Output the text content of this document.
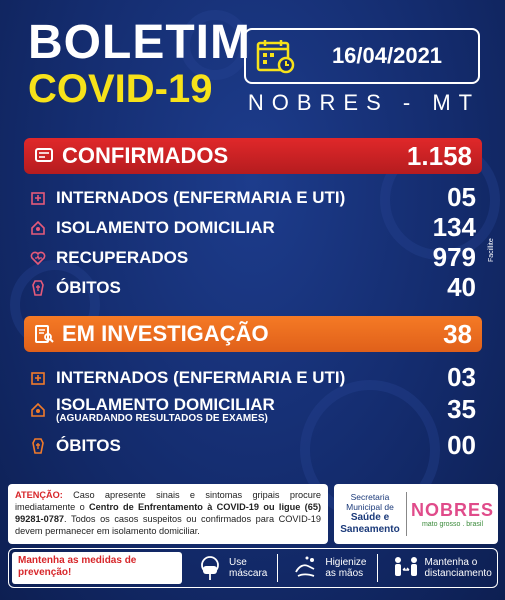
BOLETIM
COVID-19
16/04/2021
NOBRES - MT
CONFIRMADOS	1.158
INTERNADOS (ENFERMARIA E UTI)	05
ISOLAMENTO DOMICILIAR	134
RECUPERADOS	979
ÓBITOS	40
EM INVESTIGAÇÃO	38
INTERNADOS (ENFERMARIA E UTI)	03
ISOLAMENTO DOMICILIAR
(AGUARDANDO RESULTADOS DE EXAMES)	35
ÓBITOS	00
Facillite
ATENÇÃO: Caso apresente sinais e sintomas gripais procure imediatamente o Centro de Enfrentamento à COVID-19 ou ligue (65) 99281-0787. Todos os casos suspeitos ou confirmados para COVID-19 devem permanecer em isolamento domiciliar.
Secretaria
Municipal de
Saúde e
Saneamento
NOBRES
mato grosso . brasil
Mantenha as medidas de prevenção!
Use
máscara
Higienize
as mãos
Mantenha o
distanciamento
